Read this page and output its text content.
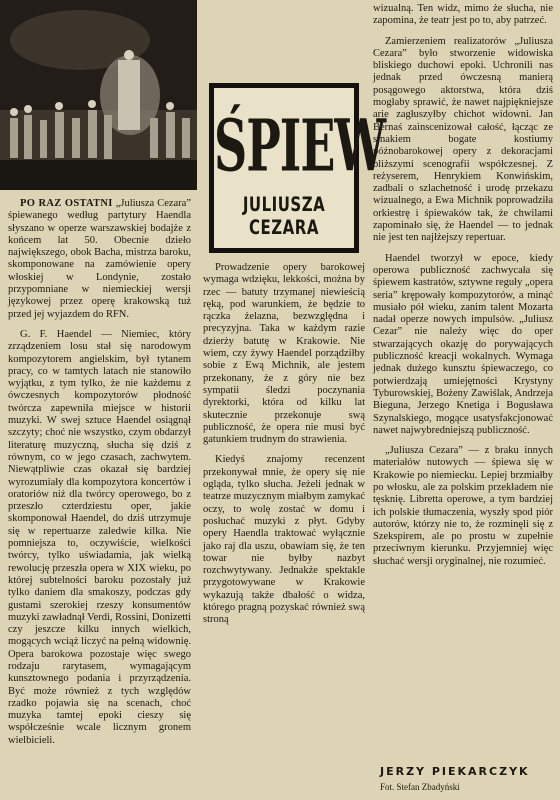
ŚPIEW
JULIUSZA CEZARA

PO RAZ OSTATNI „Juliusza Cezara” śpiewanego według partytury Haendla słyszano w operze warszawskiej bodajże z końcem lat 50. Obecnie dzieło największego, obok Bacha, mistrza baroku, skomponowane na zamówienie opery włoskiej w Londynie, zostało przypomniane w niemieckiej wersji językowej przez operę krakowską tuż przed jej wyjazdem do RFN.

G. F. Haendel — Niemiec, który zrządzeniem losu stał się narodowym kompozytorem angielskim, był tytanem pracy, co w tamtych latach nie stanowiło wyjątku, z tym tylko, że nie każdemu z ówczesnych kompozytorów płodność twórcza zapewniła miejsce w historii muzyki. W swej sztuce Haendel osiągnął szczyty; choć nie wszystko, czym obdarzył literaturę muzyczną, słucha się dziś z równym, co w jego czasach, zachwytem. Niewątpliwie czas okazał się bardziej wyrozumiały dla kompozytora koncertów i oratoriów niż dla twórcy operowego, bo z przeszło czterdziestu oper, jakie skomponował Haendel, do dziś utrzymuje się w repertuarze zaledwie kilka. Nie pomniejsza to, oczywiście, wielkości twórcy, tylko uświadamia, jak wielką rewolucję przeszła opera w XIX wieku, po której subtelności baroku pozostały już tylko daniem dla smakoszy, podczas gdy gustami szerokiej rzeszy konsumentów muzyki zawładnął Verdi, Rossini, Donizetti czy jeszcze kilku innych wielkich, mogących wciąż liczyć na pełną widownię. Opera barokowa pozostaje więc swego rodzaju rarytasem, wymagającym kunsztownego podania i przyrządzenia. Być może również z tych względów rzadko pojawia się na scenach, choć muzyka tamtej epoki cieszy się współcześnie wcale licznym gronem wielbicieli.

Prowadzenie opery barokowej wymaga wdzięku, lekkości, można by rzec — batuty trzymanej niewieścią ręką, pod warunkiem, że będzie to rączka żelazna, bezwzględna i precyzyjna. Taka w każdym razie dzierży batutę w Krakowie. Nie wiem, czy żywy Haendel porządziłby sobie z Ewą Michnik, ale jestem przekonany, że z góry nie bez sympatii śledzi poczynania dyrektorki, która od kilku lat skutecznie przekonuje swą publiczność, że opera nie musi być gatunkiem trudnym do strawienia.

Kiedyś znajomy recenzent przekonywał mnie, że opery się nie ogląda, tylko słucha. Jeżeli jednak w teatrze muzycznym miałbym zamykać oczy, to wolę zostać w domu i posłuchać muzyki z płyt. Gdyby opery Haendla traktować wyłącznie jako raj dla uszu, obawiam się, że ten towar nie byłby nazbyt rozchwytywany. Jednakże spektakle przygotowywane w Krakowie wykazują także dbałość o widza, którego pragną pozyskać również swą stroną

wizualną. Ten widz, mimo że słucha, nie zapomina, że teatr jest po to, aby patrzeć.

Zamierzeniem realizatorów „Juliusza Cezara” było stworzenie widowiska bliskiego duchowi epoki. Uchronili nas jednak przed ówczesną manierą posągowego aktorstwa, która dziś mogłaby sprawić, że nawet najpiękniejsze arie zagłuszyłby chichot widowni. Jan Bernaś zainscenizował całość, łącząc ze smakiem bogate kostiumy późnobarokowej opery z dekoracjami bliższymi scenografii współczesnej. Z reżyserem, Henrykiem Konwińskim, zadbali o szlachetność i urodę przekazu wizualnego, a Ewa Michnik poprowadziła orkiestrę i śpiewaków tak, że chwilami zapominało się, że Haendel — to jednak nie jest ten najłżejszy repertuar.

Haendel tworzył w epoce, kiedy operowa publiczność zachwycała się śpiewem kastratów, sztywne reguły „opera seria” krępowały kompozytorów, a minąć musiało pół wieku, zanim talent Mozarta nadał operze nowych impulsów. „Juliusz Cezar” nie należy więc do oper stwarzających okazję do porywających publiczność kreacji wokalnych. Wymaga jednak dużego kunsztu śpiewaczego, co potwierdzają umiejętności Krystyny Tyburowskiej, Bożeny Zawiślak, Andrzeja Bieguna, Jerzego Knetiga i Bogusława Szynalskiego, mogące usatysfakcjonować nawet najwybredniejszą publiczność.

„Juliusza Cezara” — z braku innych materiałów nutowych — śpiewa się w Krakowie po niemiecku. Lepiej brzmiałby po włosku, ale za polskim przekładem nie tęsknię. Libretta operowe, a tym bardziej ich polskie tłumaczenia, wyszły spod piór autorów, którzy nie to, że rozminęli się z Szekspirem, ale po prostu w zupełnie przeciwnym kierunku. Przyjemniej więc słuchać wersji oryginalnej, nie rozumieć.

JERZY PIEKARCZYK
Fot. Stefan Zbadyński
